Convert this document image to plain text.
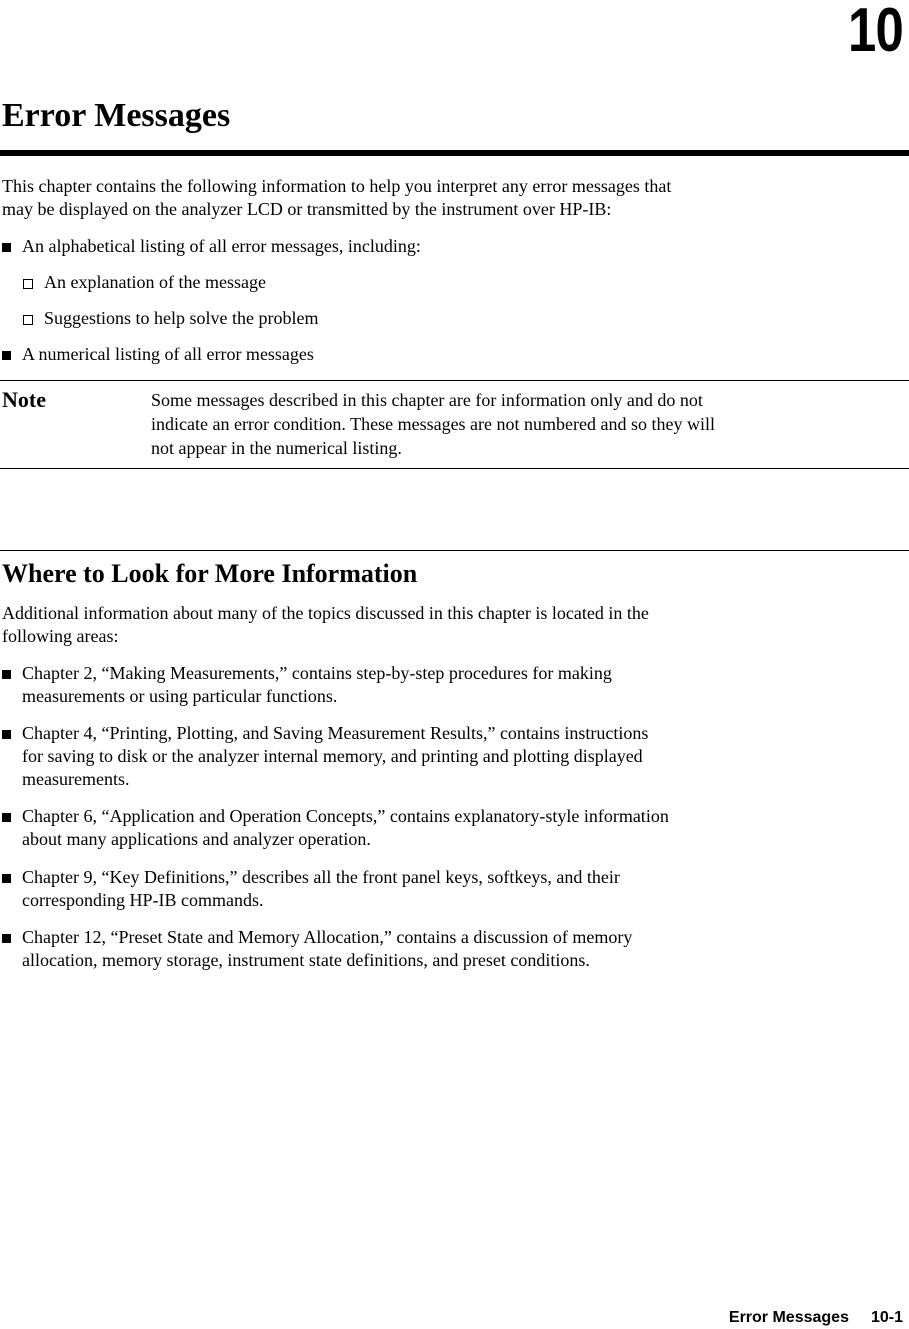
10
Error Messages

This chapter contains the following information to help you interpret any error messages that

may be displayed on the analyzer LCD or transmitted by the instrument over HP-IB:

An alphabetical listing of all error messages, including:
An explanation of the message
Suggestions to help solve the problem
A numerical listing of all error messages
Note	Some messages described in this chapter are for information only and do not
indicate an error condition. These messages are not numbered and so they will
not appear in the numerical listing.
Where to Look for More Information

Additional information about many of the topics discussed in this chapter is located in the

following areas:

Chapter 2, “Making Measurements,” contains step-by-step procedures for making
measurements or using particular functions.
Chapter 4, “Printing, Plotting, and Saving Measurement Results,” contains instructions
for saving to disk or the analyzer internal memory, and printing and plotting displayed
measurements.
Chapter 6, “Application and Operation Concepts,” contains explanatory-style information
about many applications and analyzer operation.
Chapter 9, “Key Definitions,” describes all the front panel keys, softkeys, and their
corresponding HP-IB commands.
Chapter 12, “Preset State and Memory Allocation,” contains a discussion of memory
allocation, memory storage, instrument state definitions, and preset conditions.
Error Messages 10-1
